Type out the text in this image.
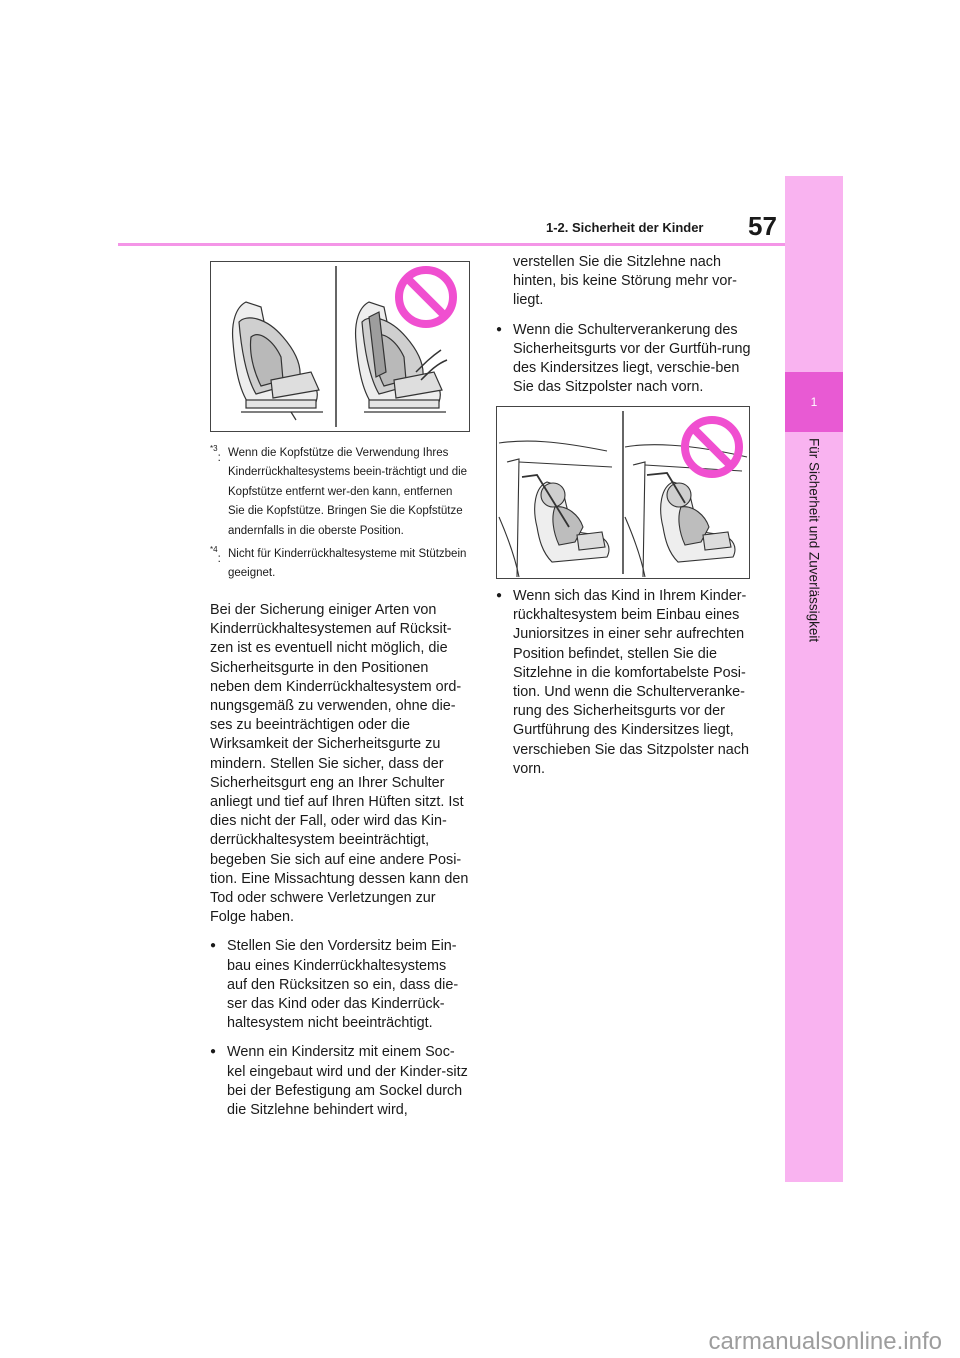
1
Für Sicherheit und Zuverlässigkeit
57
1-2. Sicherheit der Kinder
$^{*3}$: Wenn die Kopfstütze die Verwendung Ihres Kinderrückhaltesystems beein-trächtigt und die Kopfstütze entfernt wer-den kann, entfernen Sie die Kopfstütze. Bringen Sie die Kopfstütze andernfalls in die oberste Position.
$^{*4}$: Nicht für Kinderrückhaltesysteme mit Stützbein geeignet.

Bei der Sicherung einiger Arten von Kinderrückhaltesystemen auf Rücksit-zen ist es eventuell nicht möglich, die Sicherheitsgurte in den Positionen neben dem Kinderrückhaltesystem ord-nungsgemäß zu verwenden, ohne die-ses zu beeinträchtigen oder die Wirksamkeit der Sicherheitsgurte zu mindern. Stellen Sie sicher, dass der Sicherheitsgurt eng an Ihrer Schulter anliegt und tief auf Ihren Hüften sitzt. Ist dies nicht der Fall, oder wird das Kin-derrückhaltesystem beeinträchtigt, begeben Sie sich auf eine andere Posi-tion. Eine Missachtung dessen kann den Tod oder schwere Verletzungen zur Folge haben.

●
Stellen Sie den Vordersitz beim Ein-bau eines Kinderrückhaltesystems auf den Rücksitzen so ein, dass die-ser das Kind oder das Kinderrück-haltesystem nicht beeinträchtigt.
●
Wenn ein Kindersitz mit einem Soc-kel eingebaut wird und der Kinder-sitz bei der Befestigung am Sockel durch die Sitzlehne behindert wird,

verstellen Sie die Sitzlehne nach hinten, bis keine Störung mehr vor-liegt.

●
Wenn die Schulterverankerung des Sicherheitsgurts vor der Gurtfüh-rung des Kindersitzes liegt, verschie-ben Sie das Sitzpolster nach vorn.
●
Wenn sich das Kind in Ihrem Kinder-rückhaltesystem beim Einbau eines Juniorsitzes in einer sehr aufrechten Position befindet, stellen Sie die Sitzlehne in die komfortabelste Posi-tion. Und wenn die Schulterveranke-rung des Sicherheitsgurts vor der Gurtführung des Kindersitzes liegt, verschieben Sie das Sitzpolster nach vorn.
carmanualsonline.info
